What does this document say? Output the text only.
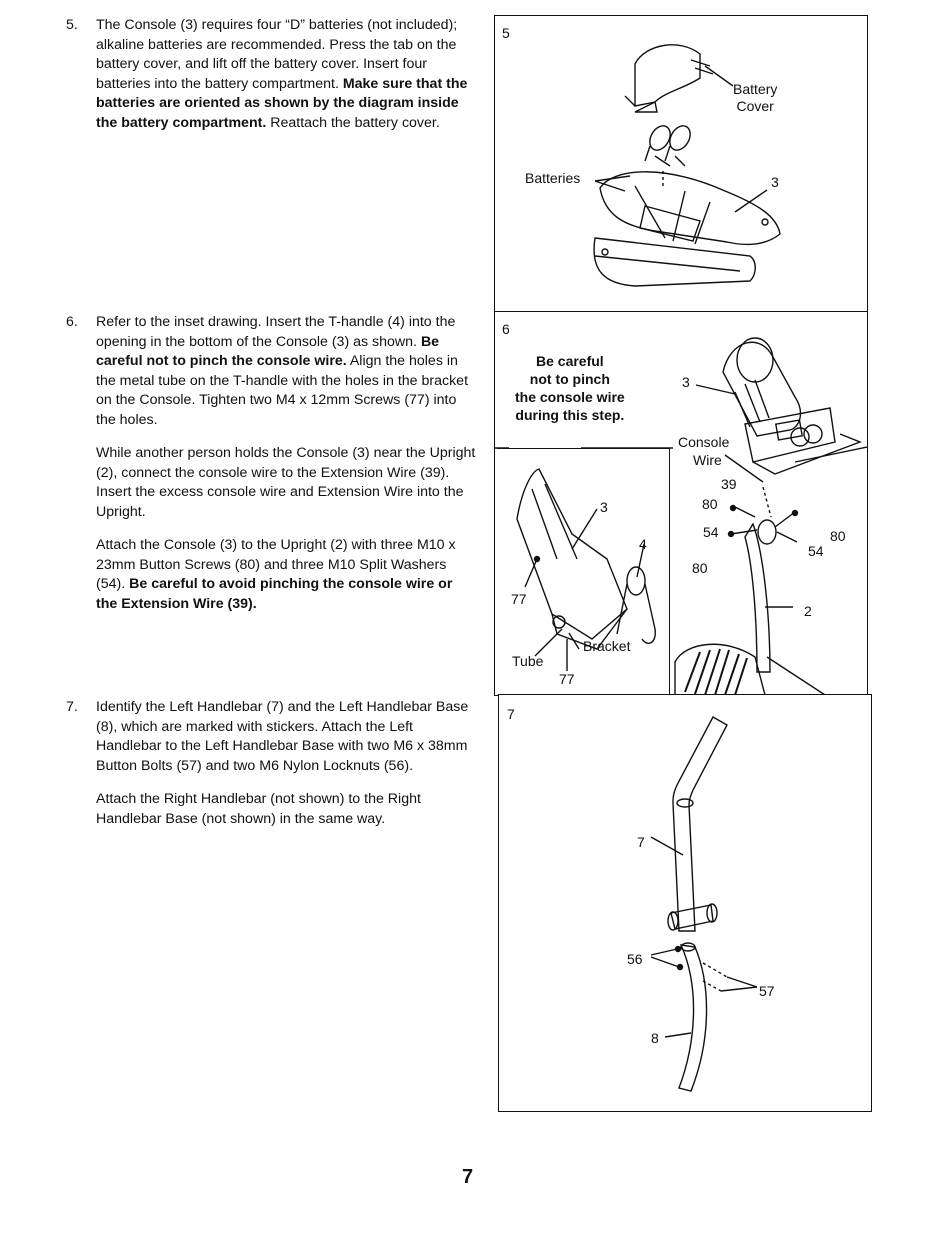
5. The Console (3) requires four “D” batteries (not included); alkaline batteries are recommended. Press the tab on the battery cover, and lift off the battery cover. Insert four batteries into the battery compartment. Make sure that the batteries are oriented as shown by the diagram inside the battery compartment. Reattach the battery cover.

6. Refer to the inset drawing. Insert the T-handle (4) into the opening in the bottom of the Console (3) as shown. Be careful not to pinch the console wire. Align the holes in the metal tube on the T-handle with the holes in the bracket on the Console. Tighten two M4 x 12mm Screws (77) into the holes.

While another person holds the Console (3) near the Upright (2), connect the console wire to the Extension Wire (39). Insert the excess console wire and Extension Wire into the Upright.

Attach the Console (3) to the Upright (2) with three M10 x 23mm Button Screws (80) and three M10 Split Washers (54). Be careful to avoid pinching the console wire or the Extension Wire (39).

7. Identify the Left Handlebar (7) and the Left Handlebar Base (8), which are marked with stickers. Attach the Left Handlebar to the Left Handlebar Base with two M6 x 38mm Button Bolts (57) and two M6 Nylon Locknuts (56).

Attach the Right Handlebar (not shown) to the Right Handlebar Base (not shown) in the same way.

5
Battery
Cover
Batteries	3
6
Be careful
not to pinch
the console wire
during this step.
3
Console
Wire
39
80
54	80
54
80
2
3
4
77
Bracket
Tube
77
7
7
56
57
8
7
